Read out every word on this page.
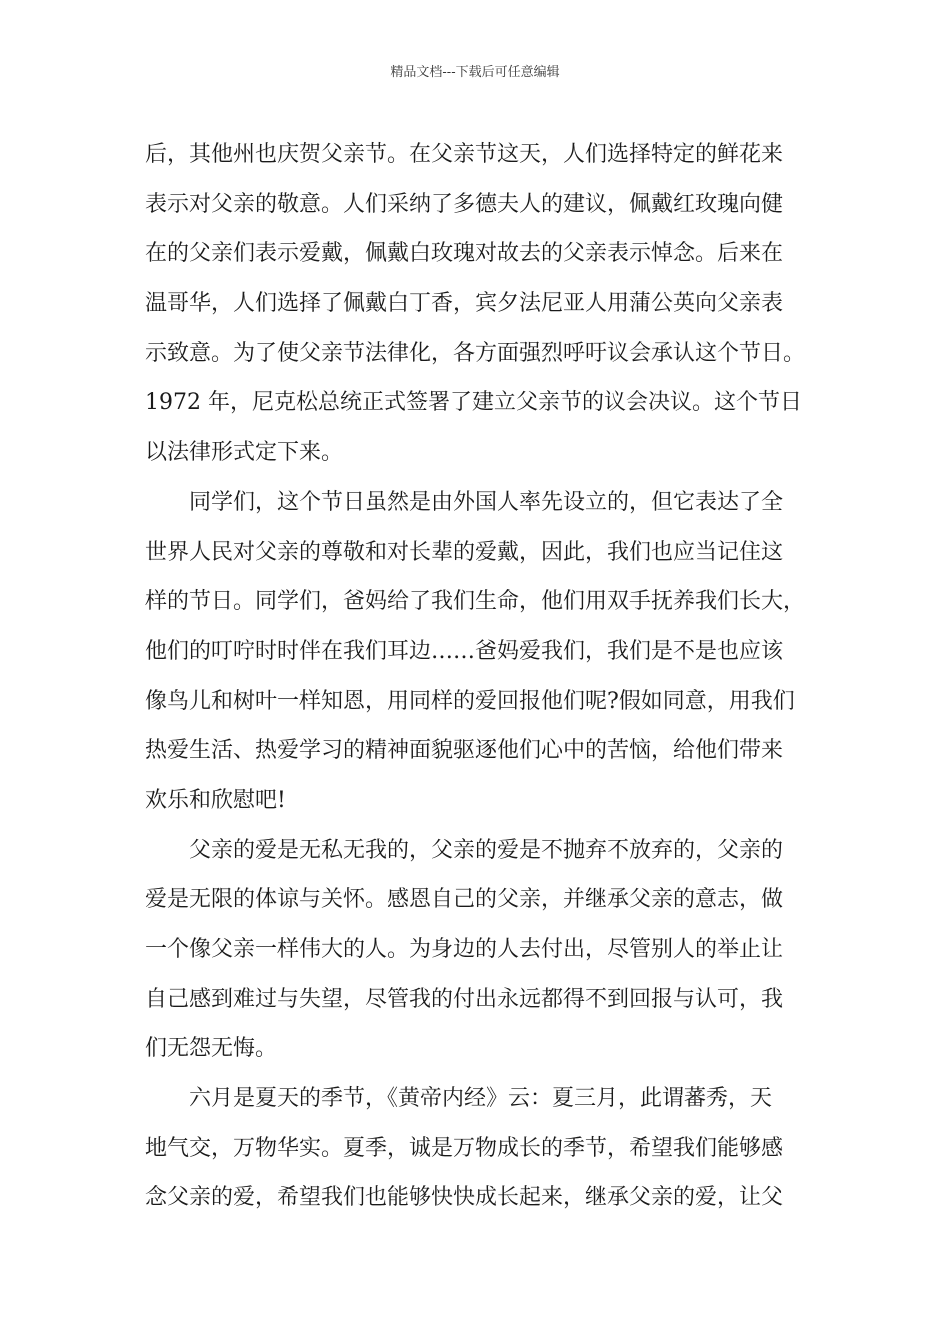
精品文档---下载后可任意编辑
后，其他州也庆贺父亲节。在父亲节这天，人们选择特定的鲜花来
表示对父亲的敬意。人们采纳了多德夫人的建议，佩戴红玫瑰向健
在的父亲们表示爱戴，佩戴白玫瑰对故去的父亲表示悼念。后来在
温哥华，人们选择了佩戴白丁香，宾夕法尼亚人用蒲公英向父亲表
示致意。为了使父亲节法律化，各方面强烈呼吁议会承认这个节日。
1972 年，尼克松总统正式签署了建立父亲节的议会决议。这个节日
以法律形式定下来。
同学们，这个节日虽然是由外国人率先设立的，但它表达了全
世界人民对父亲的尊敬和对长辈的爱戴，因此，我们也应当记住这
样的节日。同学们，爸妈给了我们生命，他们用双手抚养我们长大，
他们的叮咛时时伴在我们耳边……爸妈爱我们，我们是不是也应该
像鸟儿和树叶一样知恩，用同样的爱回报他们呢?假如同意，用我们
热爱生活、热爱学习的精神面貌驱逐他们心中的苦恼，给他们带来
欢乐和欣慰吧!
父亲的爱是无私无我的，父亲的爱是不抛弃不放弃的，父亲的
爱是无限的体谅与关怀。感恩自己的父亲，并继承父亲的意志，做
一个像父亲一样伟大的人。为身边的人去付出，尽管别人的举止让
自己感到难过与失望，尽管我的付出永远都得不到回报与认可，我
们无怨无悔。
六月是夏天的季节，《黄帝内经》云：夏三月，此谓蕃秀，天
地气交，万物华实。夏季，诚是万物成长的季节，希望我们能够感
念父亲的爱，希望我们也能够快快成长起来，继承父亲的爱，让父
